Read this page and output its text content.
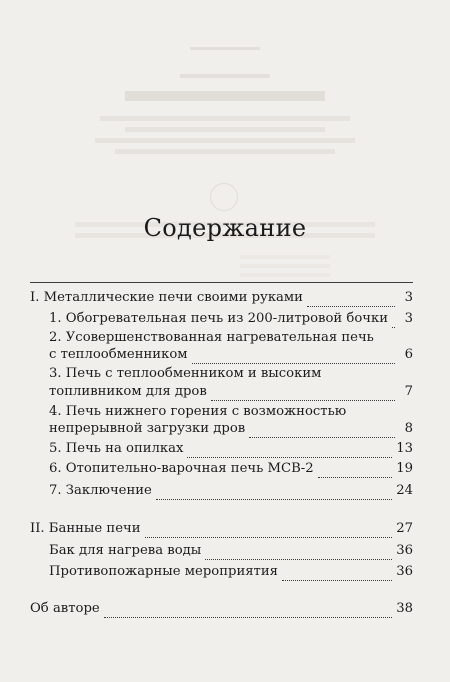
Содержание
I. Металлические печи своими руками	3
1. Обогревательная печь из 200-литровой бочки	3
2. Усовершенствованная нагревательная печь
с теплообменником	6
3. Печь с теплообменником и высоким
топливником для дров	7
4. Печь нижнего горения с возможностью
непрерывной загрузки дров	8
5. Печь на опилках	13
6. Отопительно-варочная печь МСВ-2	19
7. Заключение	24
II. Банные печи	27
Бак для нагрева воды	36
Противопожарные мероприятия	36
Об авторе	38
